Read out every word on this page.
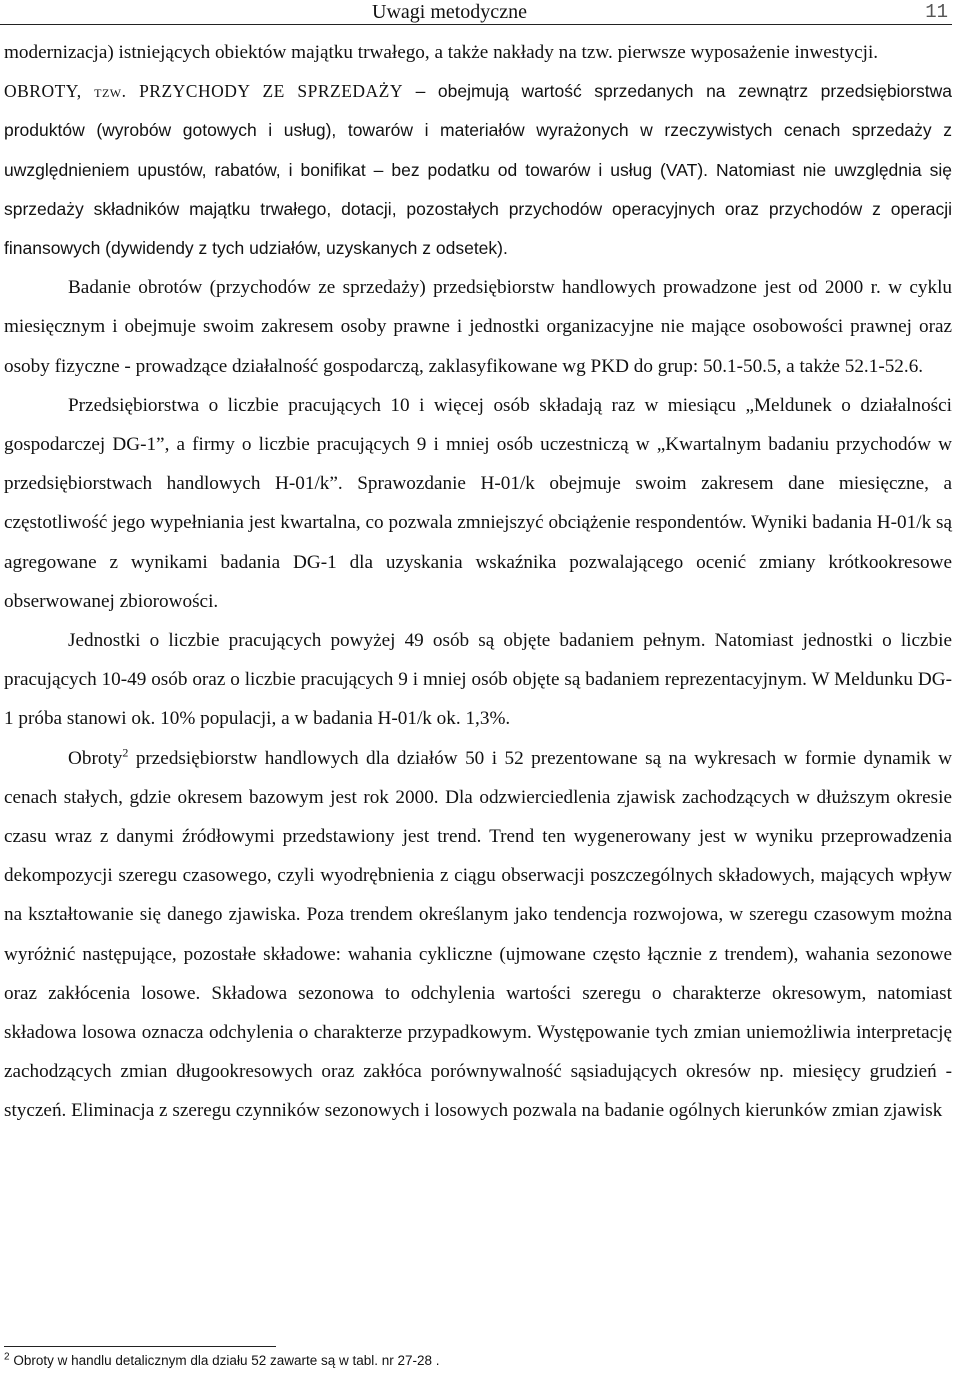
Uwagi metodyczne	11

modernizacja) istniejących obiektów majątku trwałego, a także nakłady na tzw. pierwsze wyposażenie inwestycji.

OBROTY, tzw. PRZYCHODY ZE SPRZEDAŻY – obejmują wartość sprzedanych na zewnątrz przedsiębiorstwa produktów (wyrobów gotowych i usług), towarów i materiałów wyrażonych w rzeczywistych cenach sprzedaży z uwzględnieniem upustów, rabatów, i bonifikat – bez podatku od towarów i usług (VAT). Natomiast nie uwzględnia się sprzedaży składników majątku trwałego, dotacji, pozostałych przychodów operacyjnych oraz przychodów z operacji finansowych (dywidendy z tych udziałów, uzyskanych z odsetek).

Badanie obrotów (przychodów ze sprzedaży) przedsiębiorstw handlowych prowadzone jest od 2000 r. w cyklu miesięcznym i obejmuje swoim zakresem osoby prawne i jednostki organizacyjne nie mające osobowości prawnej oraz osoby fizyczne - prowadzące działalność gospodarczą, zaklasyfikowane wg PKD do grup: 50.1-50.5, a także 52.1-52.6.

Przedsiębiorstwa o liczbie pracujących 10 i więcej osób składają raz w miesiącu „Meldunek o działalności gospodarczej DG-1”, a firmy o liczbie pracujących 9 i mniej osób uczestniczą w „Kwartalnym badaniu przychodów w przedsiębiorstwach handlowych H-01/k”. Sprawozdanie H-01/k obejmuje swoim zakresem dane miesięczne, a częstotliwość jego wypełniania jest kwartalna, co pozwala zmniejszyć obciążenie respondentów. Wyniki badania H-01/k są agregowane z wynikami badania DG-1 dla uzyskania wskaźnika pozwalającego ocenić zmiany krótkookresowe obserwowanej zbiorowości.

Jednostki o liczbie pracujących powyżej 49 osób są objęte badaniem pełnym. Natomiast jednostki o liczbie pracujących 10-49 osób oraz o liczbie pracujących 9 i mniej osób objęte są badaniem reprezentacyjnym. W Meldunku DG-1 próba stanowi ok. 10% populacji, a w badania H-01/k ok. 1,3%.

Obroty$^2$ przedsiębiorstw handlowych dla działów 50 i 52 prezentowane są na wykresach w formie dynamik w cenach stałych, gdzie okresem bazowym jest rok 2000. Dla odzwierciedlenia zjawisk zachodzących w dłuższym okresie czasu wraz z danymi źródłowymi przedstawiony jest trend. Trend ten wygenerowany jest w wyniku przeprowadzenia dekompozycji szeregu czasowego, czyli wyodrębnienia z ciągu obserwacji poszczególnych składowych, mających wpływ na kształtowanie się danego zjawiska. Poza trendem określanym jako tendencja rozwojowa, w szeregu czasowym można wyróżnić następujące, pozostałe składowe: wahania cykliczne (ujmowane często łącznie z trendem), wahania sezonowe oraz zakłócenia losowe. Składowa sezonowa to odchylenia wartości szeregu o charakterze okresowym, natomiast składowa losowa oznacza odchylenia o charakterze przypadkowym. Występowanie tych zmian uniemożliwia interpretację zachodzących zmian długookresowych oraz zakłóca porównywalność sąsiadujących okresów np. miesięcy grudzień - styczeń. Eliminacja z szeregu czynników sezonowych i losowych pozwala na badanie ogólnych kierunków zmian zjawisk

$^2$ Obroty w handlu detalicznym dla działu 52 zawarte są w tabl. nr 27-28 .
